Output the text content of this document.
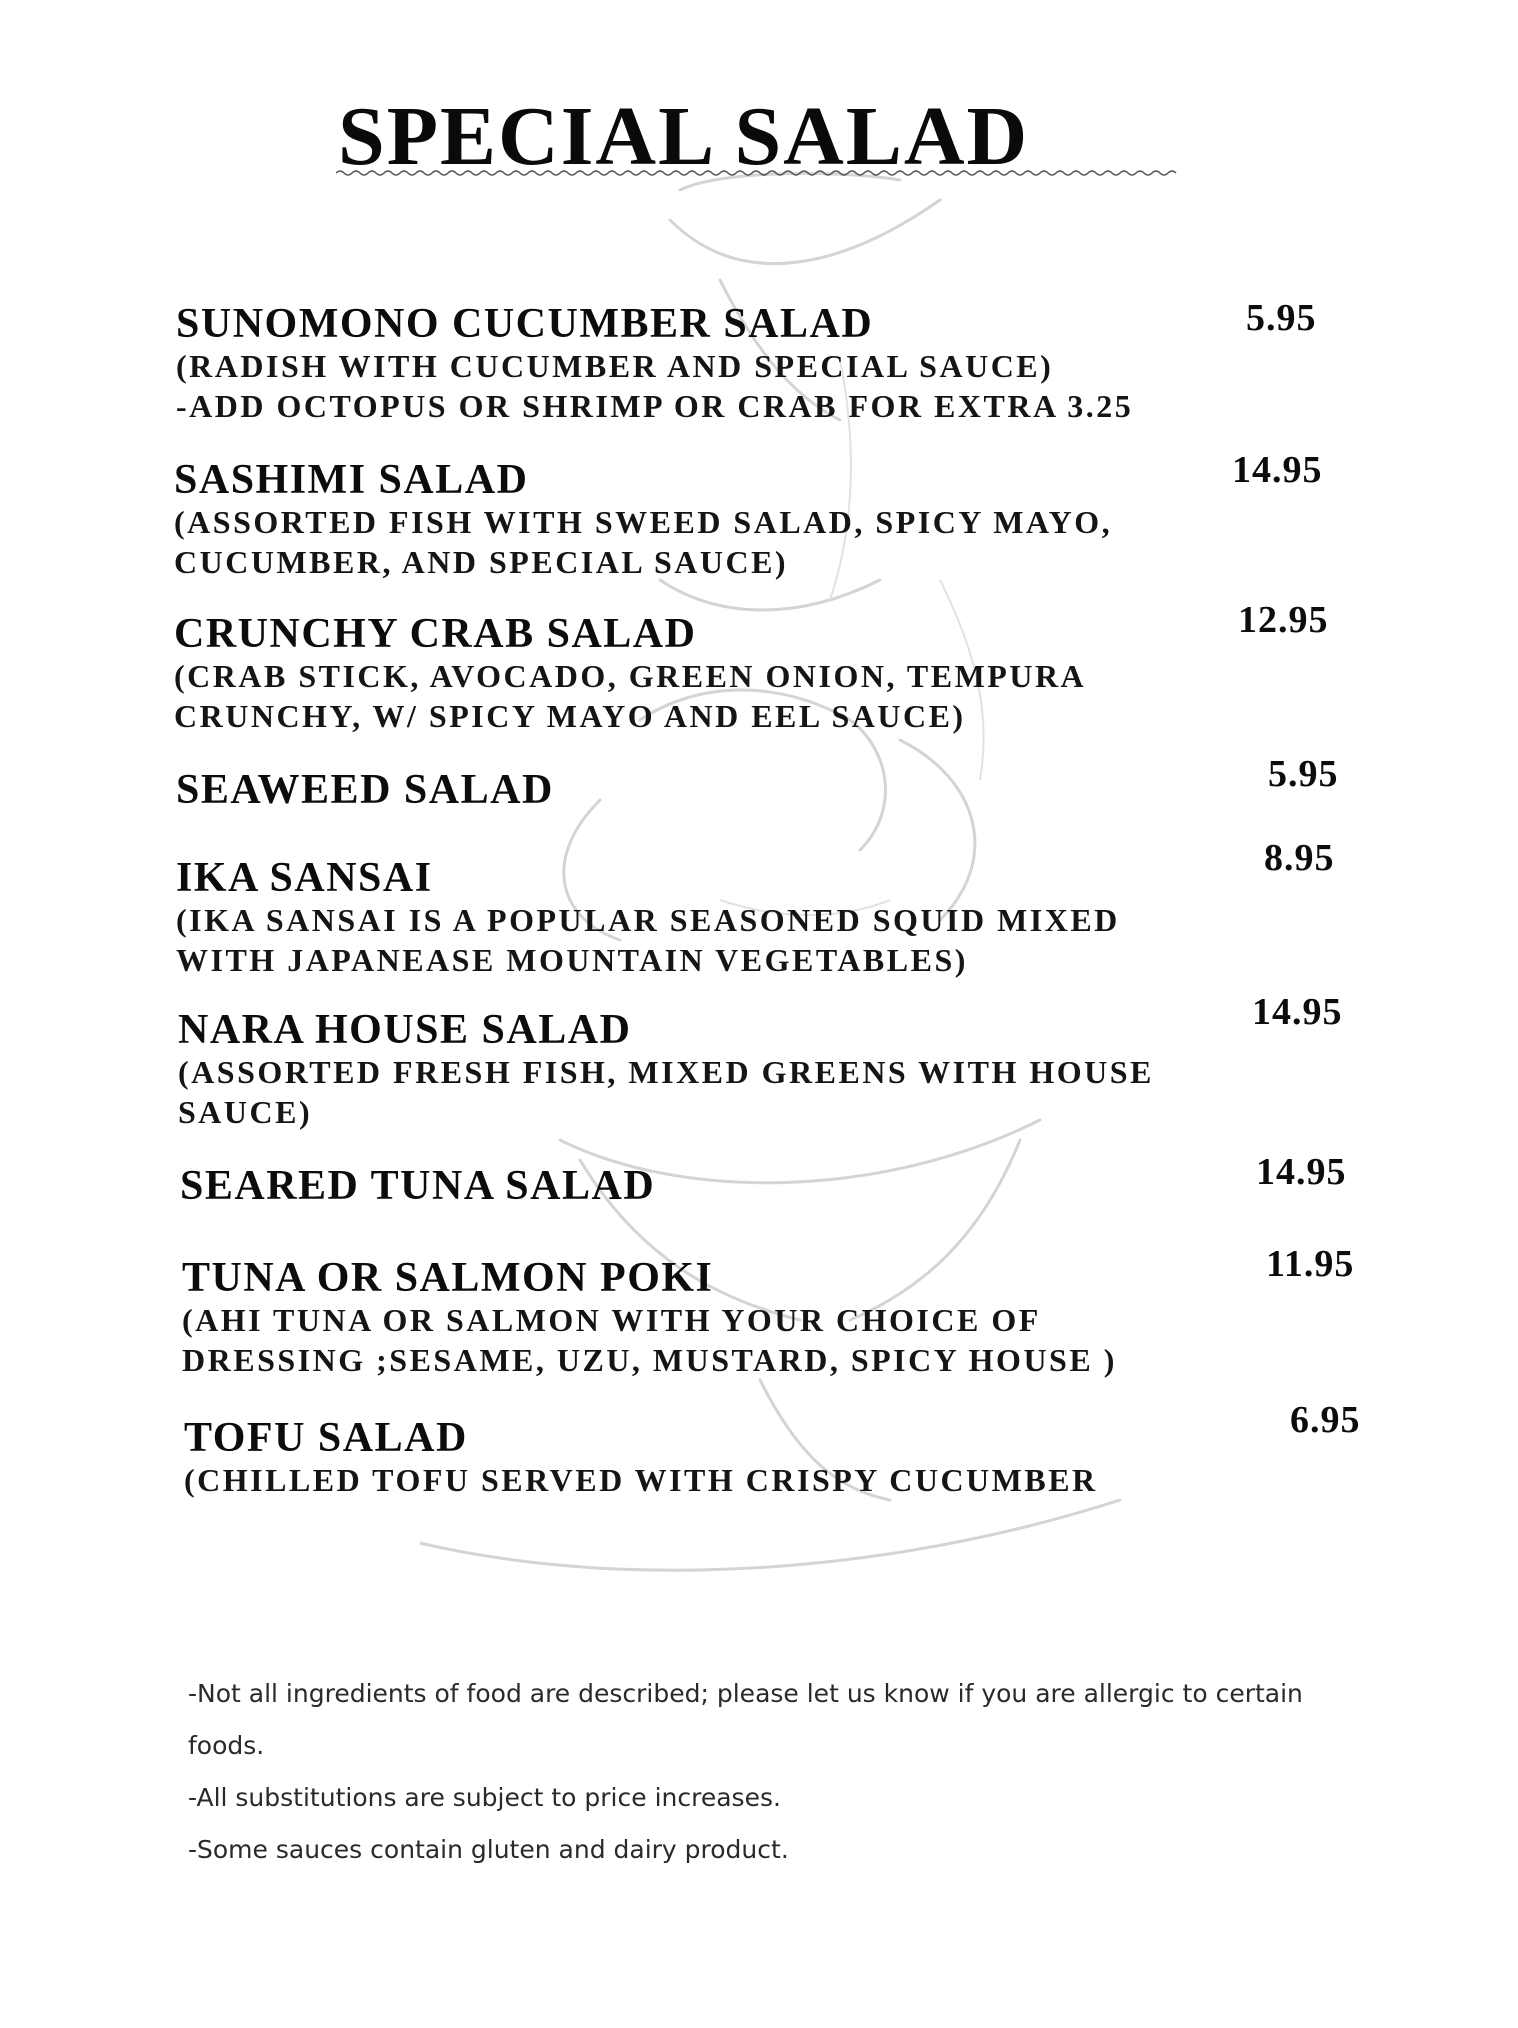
SPECIAL SALAD
SUNOMONO CUCUMBER SALAD
(RADISH WITH CUCUMBER AND SPECIAL SAUCE)
-ADD OCTOPUS OR SHRIMP OR CRAB FOR EXTRA 3.25
5.95
SASHIMI SALAD
(ASSORTED FISH WITH SWEED SALAD, SPICY MAYO,
CUCUMBER, AND SPECIAL SAUCE)
14.95
CRUNCHY CRAB SALAD
(CRAB STICK, AVOCADO, GREEN ONION, TEMPURA
CRUNCHY, W/ SPICY MAYO AND EEL SAUCE)
12.95
SEAWEED SALAD	5.95
IKA SANSAI
(IKA SANSAI IS A POPULAR SEASONED SQUID MIXED
WITH JAPANEASE MOUNTAIN VEGETABLES)
8.95
NARA HOUSE SALAD
(ASSORTED FRESH FISH, MIXED GREENS WITH HOUSE
SAUCE)
14.95
SEARED TUNA SALAD	14.95
TUNA OR SALMON POKI
(AHI TUNA OR SALMON WITH YOUR CHOICE OF
DRESSING ;SESAME, UZU, MUSTARD, SPICY HOUSE )
11.95
TOFU SALAD
(CHILLED TOFU SERVED WITH CRISPY CUCUMBER
6.95
-Not all ingredients of food are described; please let us know if you are allergic to certain foods.
-All substitutions are subject to price increases.
-Some sauces contain gluten and dairy product.
